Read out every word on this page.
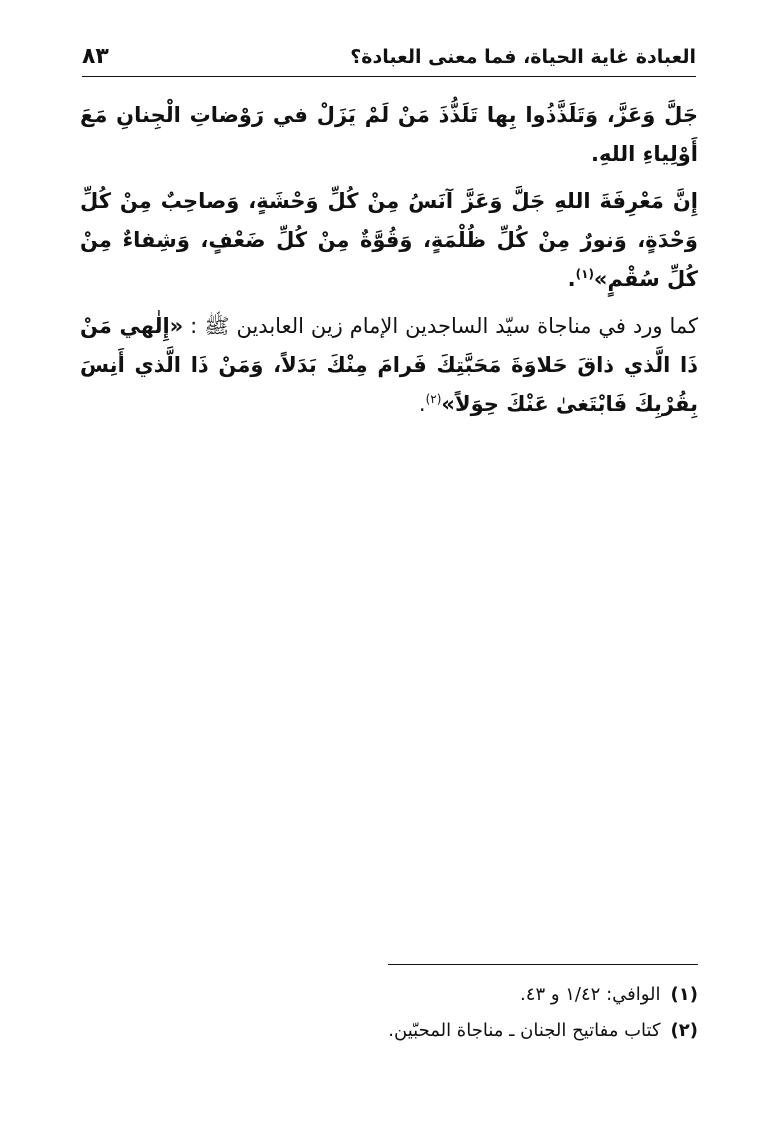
العبادة غاية الحياة، فما معنى العبادة؟
٨٣

جَلَّ وَعَزَّ، وَتَلَذَّذُوا بِها تَلَذُّذَ مَنْ لَمْ يَزَلْ في رَوْضاتِ الْجِنانِ مَعَ أَوْلِياءِ اللهِ.

إِنَّ مَعْرِفَةَ اللهِ جَلَّ وَعَزَّ آنَسُ مِنْ كُلِّ وَحْشَةٍ، وَصاحِبٌ مِنْ كُلِّ وَحْدَةٍ، وَنورٌ مِنْ كُلِّ ظُلْمَةٍ، وَقُوَّةٌ مِنْ كُلِّ ضَعْفٍ، وَشِفاءٌ مِنْ كُلِّ سُقْمٍ»$^{(١)}$.

كما ورد في مناجاة سيّد الساجدين الإمام زين العابدين ﷺ : «إِلٰهي مَنْ ذَا الَّذي ذاقَ حَلاوَةَ مَحَبَّتِكَ فَرامَ مِنْكَ بَدَلاً، وَمَنْ ذَا الَّذي أَنِسَ بِقُرْبِكَ فَابْتَغىٰ عَنْكَ حِوَلاً»$^{(٢)}$.

(١)الوافي: ١/٤٢ و ٤٣.

(٢)كتاب مفاتيح الجنان ـ مناجاة المحبّين.
